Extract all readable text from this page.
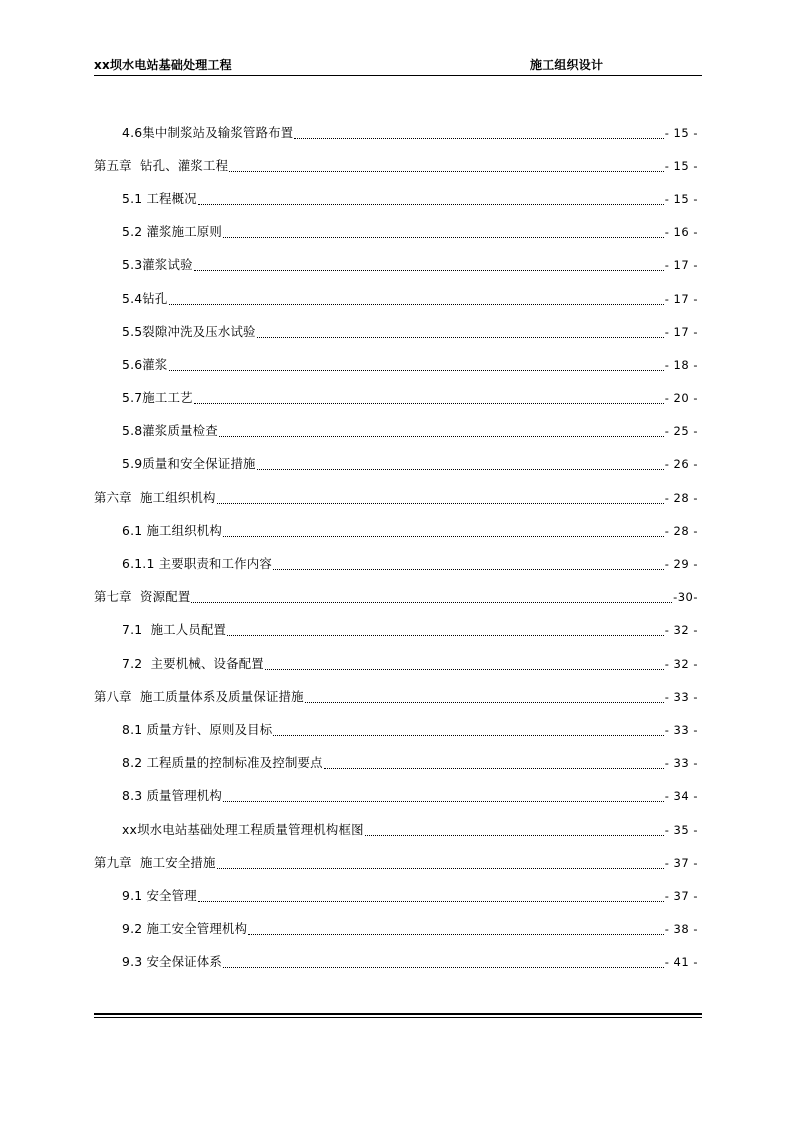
xx坝水电站基础处理工程	施工组织设计
4.6集中制浆站及输浆管路布置	- 15 -
第五章  钻孔、灌浆工程	- 15 -
5.1 工程概况	- 15 -
5.2 灌浆施工原则	- 16 -
5.3灌浆试验	- 17 -
5.4钻孔	- 17 -
5.5裂隙冲洗及压水试验	- 17 -
5.6灌浆	- 18 -
5.7施工工艺	- 20 -
5.8灌浆质量检查	- 25 -
5.9质量和安全保证措施	- 26 -
第六章  施工组织机构	- 28 -
6.1 施工组织机构	- 28 -
6.1.1 主要职责和工作内容	- 29 -
第七章  资源配置	-30-
7.1  施工人员配置	- 32 -
7.2  主要机械、设备配置	- 32 -
第八章  施工质量体系及质量保证措施	- 33 -
8.1 质量方针、原则及目标	- 33 -
8.2 工程质量的控制标准及控制要点	- 33 -
8.3 质量管理机构	- 34 -
xx坝水电站基础处理工程质量管理机构框图	- 35 -
第九章  施工安全措施	- 37 -
9.1 安全管理	- 37 -
9.2 施工安全管理机构	- 38 -
9.3 安全保证体系	- 41 -
